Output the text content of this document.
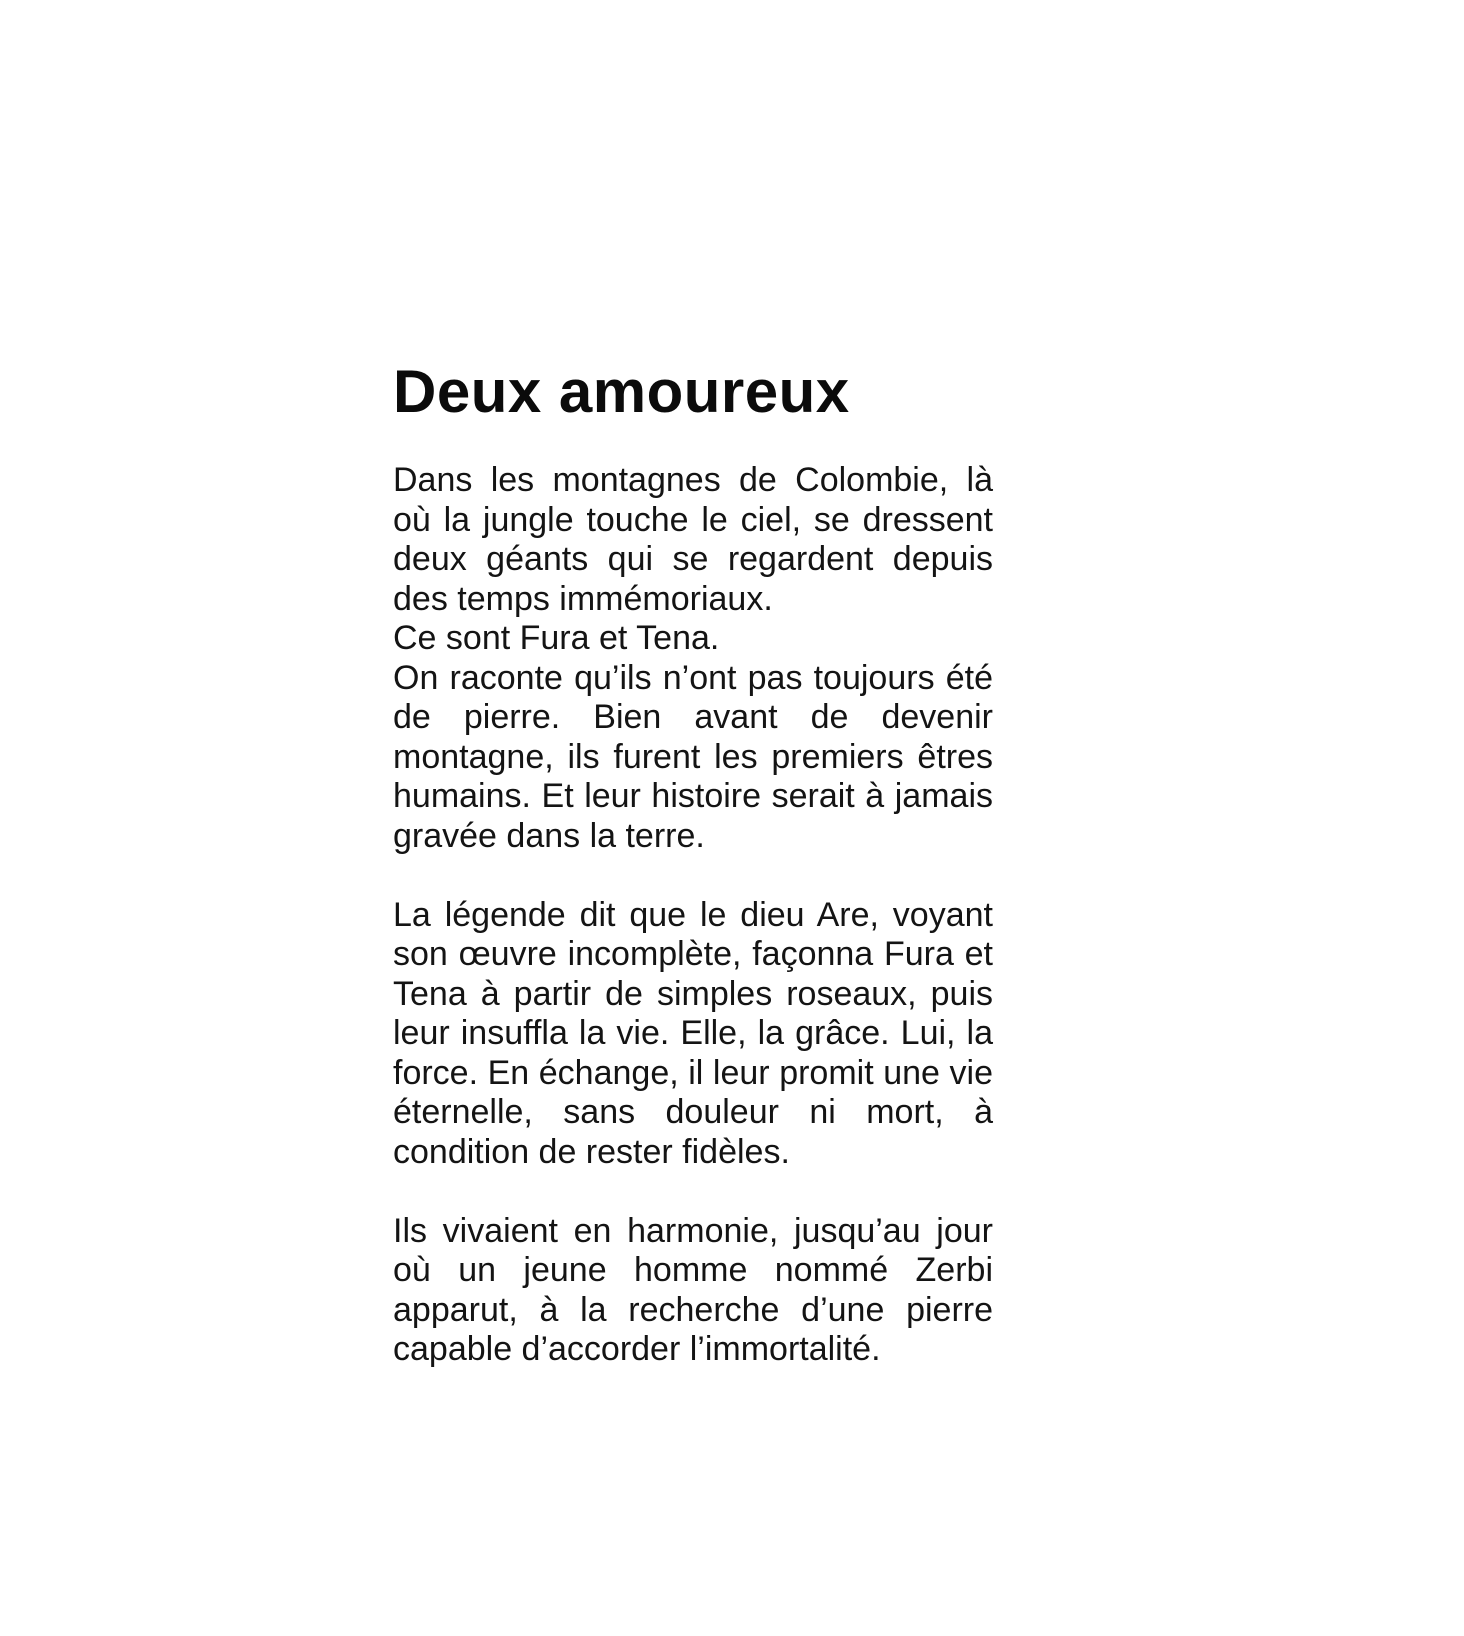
Deux amoureux
Dans les montagnes de Colombie, là où la jungle touche le ciel, se dressent deux géants qui se regardent depuis des temps immémoriaux.
Ce sont Fura et Tena.
On raconte qu’ils n’ont pas toujours été de pierre. Bien avant de devenir montagne, ils furent les premiers êtres humains. Et leur histoire serait à jamais gravée dans la terre.
La légende dit que le dieu Are, voyant son œuvre incomplète, façonna Fura et Tena à partir de simples roseaux, puis leur insuffla la vie. Elle, la grâce. Lui, la force. En échange, il leur promit une vie éternelle, sans douleur ni mort, à condition de rester fidèles.
Ils vivaient en harmonie, jusqu’au jour où un jeune homme nommé Zerbi apparut, à la recherche d’une pierre capable d’accorder l’immortalité.
